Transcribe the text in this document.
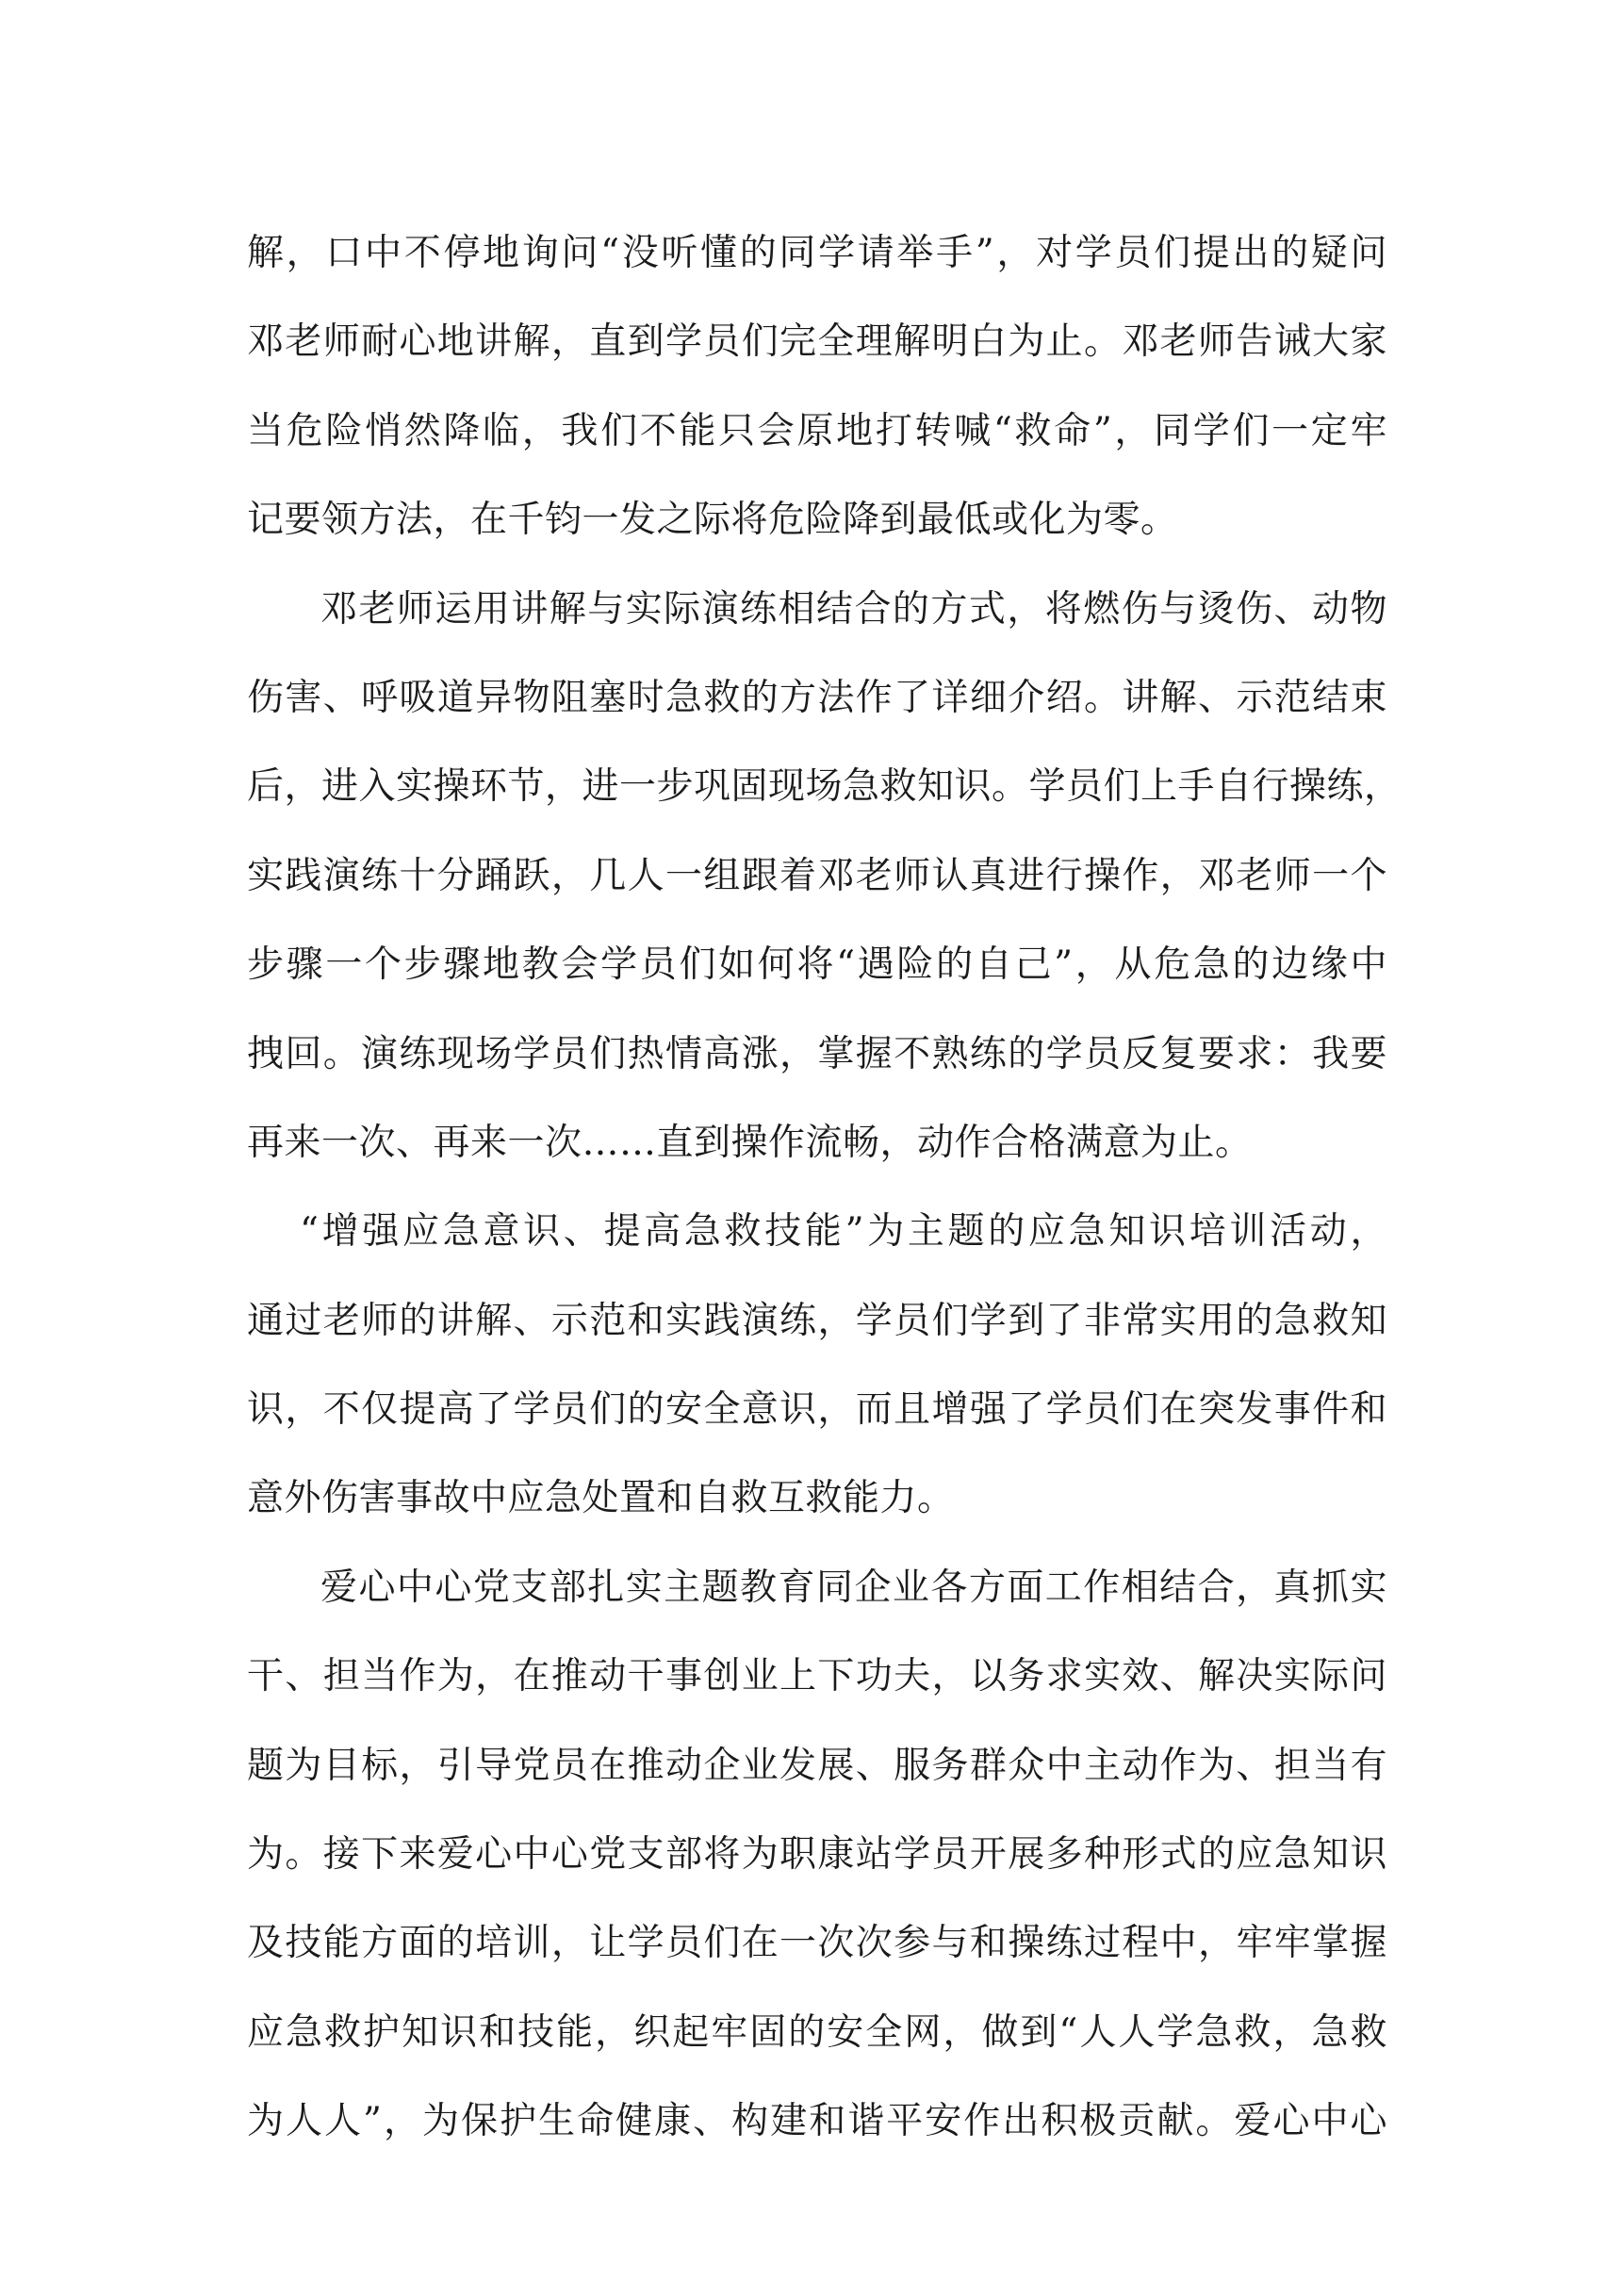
解，口中不停地询问“没听懂的同学请举手”，对学员们提出的疑问
邓老师耐心地讲解，直到学员们完全理解明白为止。邓老师告诫大家
当危险悄然降临，我们不能只会原地打转喊“救命”，同学们一定牢
记要领方法，在千钧一发之际将危险降到最低或化为零。
邓老师运用讲解与实际演练相结合的方式，将燃伤与烫伤、动物
伤害、呼吸道异物阻塞时急救的方法作了详细介绍。讲解、示范结束
后，进入实操环节，进一步巩固现场急救知识。学员们上手自行操练，
实践演练十分踊跃，几人一组跟着邓老师认真进行操作，邓老师一个
步骤一个步骤地教会学员们如何将“遇险的自己”，从危急的边缘中
拽回。演练现场学员们热情高涨，掌握不熟练的学员反复要求：我要
再来一次、再来一次……直到操作流畅，动作合格满意为止。
“增强应急意识、提高急救技能”为主题的应急知识培训活动，
通过老师的讲解、示范和实践演练，学员们学到了非常实用的急救知
识，不仅提高了学员们的安全意识，而且增强了学员们在突发事件和
意外伤害事故中应急处置和自救互救能力。
爱心中心党支部扎实主题教育同企业各方面工作相结合，真抓实
干、担当作为，在推动干事创业上下功夫，以务求实效、解决实际问
题为目标，引导党员在推动企业发展、服务群众中主动作为、担当有
为。接下来爱心中心党支部将为职康站学员开展多种形式的应急知识
及技能方面的培训，让学员们在一次次参与和操练过程中，牢牢掌握
应急救护知识和技能，织起牢固的安全网，做到“人人学急救，急救
为人人”，为保护生命健康、构建和谐平安作出积极贡献。爱心中心
